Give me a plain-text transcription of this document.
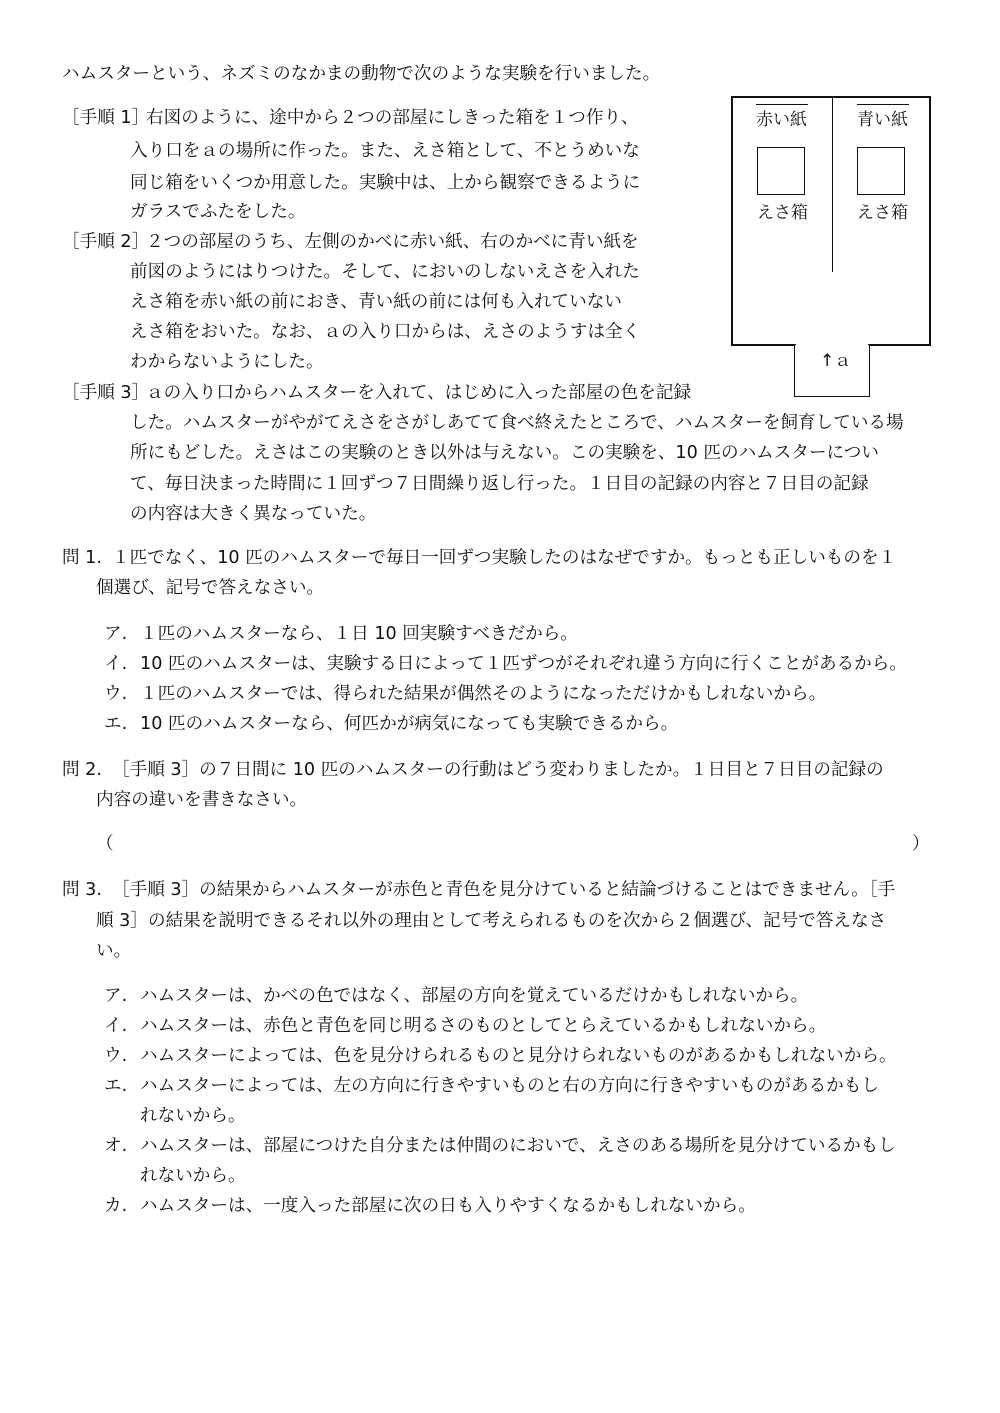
ハムスターという、ネズミのなかまの動物で次のような実験を行いました。
［手順 1］
右図のように、途中から２つの部屋にしきった箱を１つ作り、
入り口をａの場所に作った。また、えさ箱として、不とうめいな
同じ箱をいくつか用意した。実験中は、上から観察できるように
ガラスでふたをした。
［手順 2］
２つの部屋のうち、左側のかべに赤い紙、右のかべに青い紙を
前図のようにはりつけた。そして、においのしないえさを入れた
えさ箱を赤い紙の前におき、青い紙の前には何も入れていない
えさ箱をおいた。なお、ａの入り口からは、えさのようすは全く
わからないようにした。
［手順 3］
ａの入り口からハムスターを入れて、はじめに入った部屋の色を記録
した。ハムスターがやがてえさをさがしあてて食べ終えたところで、ハムスターを飼育している場
所にもどした。えさはこの実験のとき以外は与えない。この実験を、10 匹のハムスターについ
て、毎日決まった時間に１回ずつ７日間繰り返し行った。１日目の記録の内容と７日目の記録
の内容は大きく異なっていた。
赤い紙	青い紙
えさ箱	えさ箱
↑ａ
問 1. １匹でなく、10 匹のハムスターで毎日一回ずつ実験したのはなぜですか。もっとも正しいものを１
個選び、記号で答えなさい。
ア. １匹のハムスターなら、１日 10 回実験すべきだから。
イ. 10 匹のハムスターは、実験する日によって１匹ずつがそれぞれ違う方向に行くことがあるから。
ウ. １匹のハムスターでは、得られた結果が偶然そのようになっただけかもしれないから。
エ. 10 匹のハムスターなら、何匹かが病気になっても実験できるから。
問 2. ［手順 3］の７日間に 10 匹のハムスターの行動はどう変わりましたか。１日目と７日目の記録の
内容の違いを書きなさい。
（	）
問 3. ［手順 3］の結果からハムスターが赤色と青色を見分けていると結論づけることはできません。［手
順 3］の結果を説明できるそれ以外の理由として考えられるものを次から２個選び、記号で答えなさ
い。
ア. ハムスターは、かべの色ではなく、部屋の方向を覚えているだけかもしれないから。
イ. ハムスターは、赤色と青色を同じ明るさのものとしてとらえているかもしれないから。
ウ. ハムスターによっては、色を見分けられるものと見分けられないものがあるかもしれないから。
エ. ハムスターによっては、左の方向に行きやすいものと右の方向に行きやすいものがあるかもし
れないから。
オ. ハムスターは、部屋につけた自分または仲間のにおいで、えさのある場所を見分けているかもし
れないから。
カ. ハムスターは、一度入った部屋に次の日も入りやすくなるかもしれないから。
